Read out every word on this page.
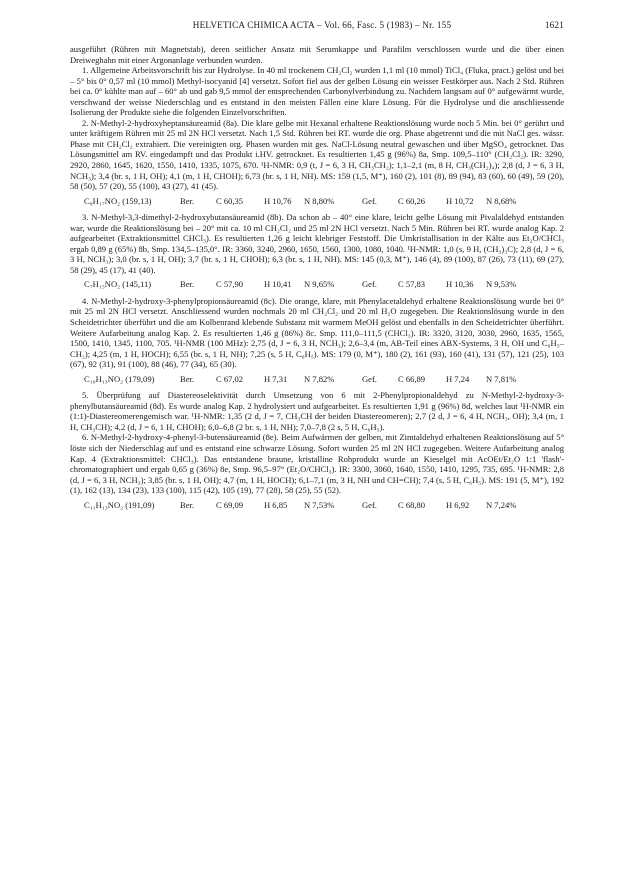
HELVETICA CHIMICA ACTA – Vol. 66, Fasc. 5 (1983) – Nr. 155	1621

ausgeführt (Rühren mit Magnetstab), deren seitlicher Ansatz mit Serumkappe und Parafilm verschlossen wurde und die über einen Dreiweghahn mit einer Argonanlage verbunden wurden.

1. Allgemeine Arbeitsvorschrift bis zur Hydrolyse. In 40 ml trockenem CH₂Cl₂ wurden 1,1 ml (10 mmol) TiCl₄ (Fluka, pract.) gelöst und bei – 5° bis 0° 0,57 ml (10 mmol) Methyl-isocyanid [4] versetzt. Sofort fiel aus der gelben Lösung ein weisser Festkörper aus. Nach 2 Std. Rühren bei ca. 0° kühlte man auf – 60° ab und gab 9,5 mmol der entsprechenden Carbonylverbindung zu. Nachdem langsam auf 0° aufgewärmt wurde, verschwand der weisse Niederschlag und es entstand in den meisten Fällen eine klare Lösung. Für die Hydrolyse und die anschliessende Isolierung der Produkte siehe die folgenden Einzelvorschriften.

2. N-Methyl-2-hydroxyheptansäureamid (8a). Die klare gelbe mit Hexanal erhaltene Reaktionslösung wurde noch 5 Min. bei 0° gerührt und unter kräftigem Rühren mit 25 ml 2N HCl versetzt. Nach 1,5 Std. Rühren bei RT. wurde die org. Phase abgetrennt und die mit NaCl ges. wässr. Phase mit CH₂Cl₂ extrahiert. Die vereinigten org. Phasen wurden mit ges. NaCl-Lösung neutral gewaschen und über MgSO₄ getrocknet. Das Lösungsmittel am RV. eingedampft und das Produkt i.HV. getrocknet. Es resultierten 1,45 g (96%) 8a, Smp. 109,5–110° (CH₂Cl₂). IR: 3290, 2920, 2860, 1645, 1620, 1550, 1410, 1335, 1075, 670. ¹H-NMR: 0,9 (t, J = 6, 3 H, CH₃CH₂); 1,1–2,1 (m, 8 H, CH₃(CH₂)₄); 2,8 (d, J = 6, 3 H, NCH₃); 3,4 (br. s, 1 H, OH); 4,1 (m, 1 H, CHOH); 6,73 (br. s, 1 H, NH). MS: 159 (1,5, M⁺), 160 (2), 101 (8), 89 (94), 83 (60), 60 (49), 59 (20), 58 (50), 57 (20), 55 (100), 43 (27), 41 (45).

C₈H₁₇NO₂ (159,13)	Ber.	C 60,35 H 10,76 N 8,80%	Gef. C 60,26 H 10,72 N 8,68%

3. N-Methyl-3,3-dimethyl-2-hydroxybutansäureamid (8b). Da schon ab – 40° eine klare, leicht gelbe Lösung mit Pivalaldehyd entstanden war, wurde die Reaktionslösung bei – 20° mit ca. 10 ml CH₂Cl₂ und 25 ml 2N HCl versetzt. Nach 5 Min. Rühren bei RT. wurde analog Kap. 2 aufgearbeitet (Extraktionsmittel CHCl₃). Es resultierten 1,26 g leicht klebriger Feststoff. Die Umkristallisation in der Kälte aus Et₂O/CHCl₃ ergab 0,89 g (65%) 8b, Smp. 134,5–135,0°. IR: 3360, 3240, 2960, 1650, 1560, 1300, 1080, 1040. ¹H-NMR: 1,0 (s, 9 H, (CH₃)₃C); 2,8 (d, J = 6, 3 H, NCH₃); 3,0 (br. s, 1 H, OH); 3,7 (br. s, 1 H, CHOH); 6,3 (br. s, 1 H, NH). MS: 145 (0,3, M⁺), 146 (4), 89 (100), 87 (26), 73 (11), 69 (27), 58 (29), 45 (17), 41 (40).

C₇H₁₅NO₂ (145,11)	Ber.	C 57,90 H 10,41 N 9,65%	Gef. C 57,83 H 10,36 N 9,53%

4. N-Methyl-2-hydroxy-3-phenylpropionsäureamid (8c). Die orange, klare, mit Phenylacetaldehyd erhaltene Reaktionslösung wurde bei 0° mit 25 ml 2N HCl versetzt. Anschliessend wurden nochmals 20 ml CH₂Cl₂ und 20 ml H₂O zugegeben. Die Reaktionslösung wurde in den Scheidetrichter überführt und die am Kolbenrand klebende Substanz mit warmem MeOH gelöst und ebenfalls in den Scheidetrichter überführt. Weitere Aufarbeitung analog Kap. 2. Es resultierten 1,46 g (86%) 8c. Smp. 111,0–111,5 (CHCl₃). IR: 3320, 3120, 3030, 2960, 1635, 1565, 1500, 1410, 1345, 1100, 705. ¹H-NMR (100 MHz): 2,75 (d, J = 6, 3 H, NCH₃); 2,6–3,4 (m, AB-Teil eines ABX-Systems, 3 H, OH und C₆H₅–CH₂); 4,25 (m, 1 H, HOCH); 6,55 (br. s, 1 H, NH); 7,25 (s, 5 H, C₆H₅). MS: 179 (0, M⁺), 180 (2), 161 (93), 160 (41), 131 (57), 121 (25), 103 (67), 92 (31), 91 (100), 88 (46), 77 (34), 65 (30).

C₁₀H₁₃NO₂ (179,09)	Ber.	C 67,02 H 7,31 N 7,82%	Gef. C 66,89 H 7,24 N 7,81%

5. Überprüfung auf Diastereoselektivität durch Umsetzung von 6 mit 2-Phenylpropionaldehyd zu N-Methyl-2-hydroxy-3-phenylbutansäureamid (8d). Es wurde analog Kap. 2 hydrolysiert und aufgearbeitet. Es resultierten 1,91 g (96%) 8d, welches laut ¹H-NMR ein (1:1)-Diastereomerengemisch war. ¹H-NMR: 1,35 (2 d, J = 7, CH₃CH der beiden Diastereomeren); 2,7 (2 d, J = 6, 4 H, NCH₃, OH); 3,4 (m, 1 H, CH₃CH); 4,2 (d, J = 6, 1 H, CHOH); 6,0–6,8 (2 br. s, 1 H, NH); 7,0–7,8 (2 s, 5 H, C₆H₅).

6. N-Methyl-2-hydroxy-4-phenyl-3-butensäureamid (8e). Beim Aufwärmen der gelben, mit Zimtaldehyd erhaltenen Reaktionslösung auf 5° löste sich der Niederschlag auf und es entstand eine schwarze Lösung. Sofort wurden 25 ml 2N HCl zugegeben. Weitere Aufarbeitung analog Kap. 4 (Extraktionsmittel: CHCl₃). Das entstandene braune, kristalline Rohprodukt wurde an Kieselgel mit AcOEt/Et₂O 1:1 'flash'-chromatographiert und ergab 0,65 g (36%) 8e, Smp. 96,5–97° (Et₂O/CHCl₃). IR: 3300, 3060, 1640, 1550, 1410, 1295, 735, 695. ¹H-NMR: 2,8 (d, J = 6, 3 H, NCH₃); 3,85 (br. s, 1 H, OH); 4,7 (m, 1 H, HOCH); 6,1–7,1 (m, 3 H, NH und CH=CH); 7,4 (s, 5 H, C₆H₅). MS: 191 (5, M⁺), 192 (1), 162 (13), 134 (23), 133 (100), 115 (42), 105 (19), 77 (28), 58 (25), 55 (52).

C₁₁H₁₃NO₂ (191,09)	Ber.	C 69,09 H 6,85 N 7,53%	Gef. C 68,80 H 6,92 N 7,24%
